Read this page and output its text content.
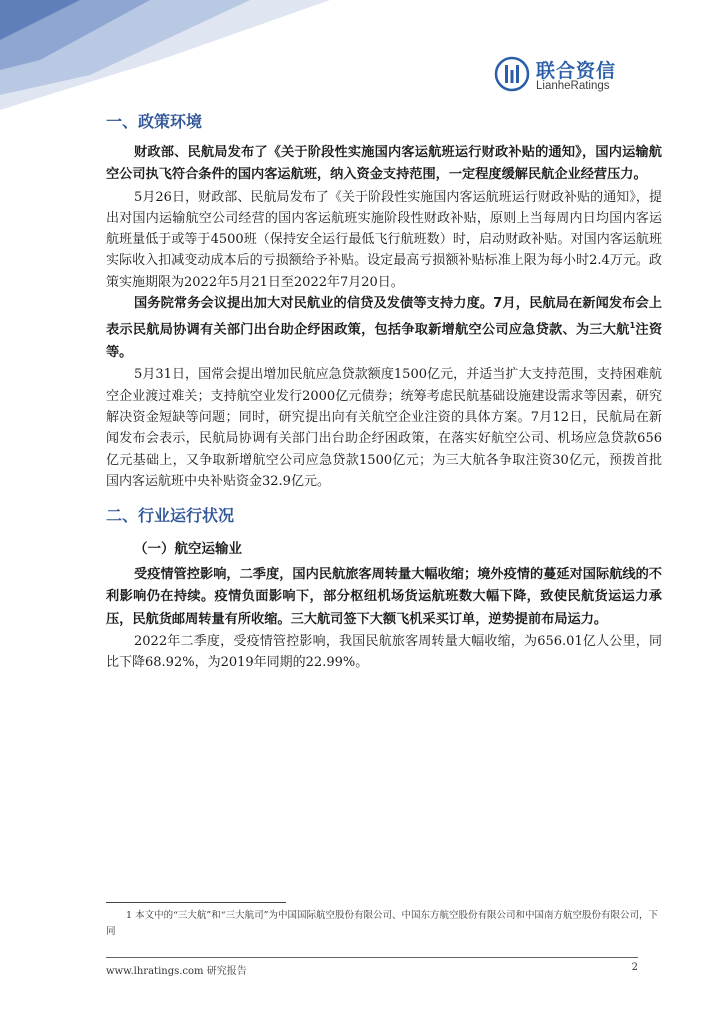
联合资信
LianheRatings
一、政策环境

财政部、民航局发布了《关于阶段性实施国内客运航班运行财政补贴的通知》，国内运输航空公司执飞符合条件的国内客运航班，纳入资金支持范围，一定程度缓解民航企业经营压力。

5月26日，财政部、民航局发布了《关于阶段性实施国内客运航班运行财政补贴的通知》，提出对国内运输航空公司经营的国内客运航班实施阶段性财政补贴，原则上当每周内日均国内客运航班量低于或等于4500班（保持安全运行最低飞行航班数）时，启动财政补贴。对国内客运航班实际收入扣减变动成本后的亏损额给予补贴。设定最高亏损额补贴标准上限为每小时2.4万元。政策实施期限为2022年5月21日至2022年7月20日。

国务院常务会议提出加大对民航业的信贷及发债等支持力度。7月，民航局在新闻发布会上表示民航局协调有关部门出台助企纾困政策，包括争取新增航空公司应急贷款、为三大航$^1$注资等。

5月31日，国常会提出增加民航应急贷款额度1500亿元，并适当扩大支持范围，支持困难航空企业渡过难关；支持航空业发行2000亿元债券；统筹考虑民航基础设施建设需求等因素，研究解决资金短缺等问题；同时，研究提出向有关航空企业注资的具体方案。7月12日，民航局在新闻发布会表示，民航局协调有关部门出台助企纾困政策，在落实好航空公司、机场应急贷款656亿元基础上，又争取新增航空公司应急贷款1500亿元；为三大航各争取注资30亿元，预拨首批国内客运航班中央补贴资金32.9亿元。

二、行业运行状况
（一）航空运输业

受疫情管控影响，二季度，国内民航旅客周转量大幅收缩；境外疫情的蔓延对国际航线的不利影响仍在持续。疫情负面影响下，部分枢纽机场货运航班数大幅下降，致使民航货运运力承压，民航货邮周转量有所收缩。三大航司签下大额飞机采买订单，逆势提前布局运力。

2022年二季度，受疫情管控影响，我国民航旅客周转量大幅收缩，为656.01亿人公里，同比下降68.92%，为2019年同期的22.99%。

1 本文中的“三大航”和“三大航司”为中国国际航空股份有限公司、中国东方航空股份有限公司和中国南方航空股份有限公司，下同
www.lhratings.com 研究报告	2
